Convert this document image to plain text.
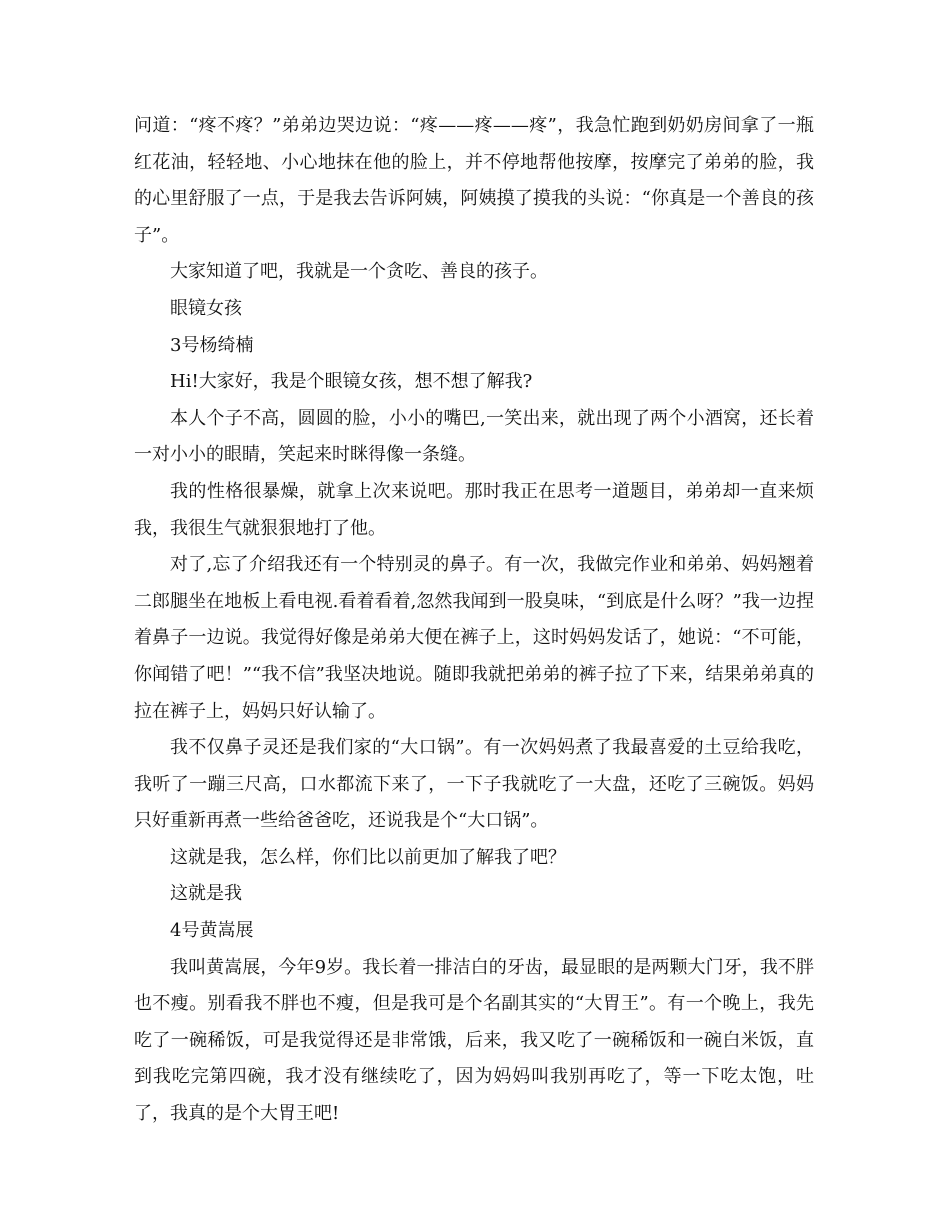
问道：“疼不疼？”弟弟边哭边说：“疼——疼——疼”，我急忙跑到奶奶房间拿了一瓶红花油，轻轻地、小心地抹在他的脸上，并不停地帮他按摩，按摩完了弟弟的脸，我的心里舒服了一点，于是我去告诉阿姨，阿姨摸了摸我的头说：“你真是一个善良的孩子”。

大家知道了吧，我就是一个贪吃、善良的孩子。

眼镜女孩

3号杨绮楠

Hi!大家好，我是个眼镜女孩，想不想了解我?

本人个子不高，圆圆的脸，小小的嘴巴,一笑出来，就出现了两个小酒窝，还长着一对小小的眼睛，笑起来时眯得像一条缝。

我的性格很暴燥，就拿上次来说吧。那时我正在思考一道题目，弟弟却一直来烦我，我很生气就狠狠地打了他。

对了,忘了介绍我还有一个特别灵的鼻子。有一次，我做完作业和弟弟、妈妈翘着二郎腿坐在地板上看电视.看着看着,忽然我闻到一股臭味，“到底是什么呀？”我一边捏着鼻子一边说。我觉得好像是弟弟大便在裤子上，这时妈妈发话了，她说：“不可能，你闻错了吧！”“我不信”我坚决地说。随即我就把弟弟的裤子拉了下来，结果弟弟真的拉在裤子上，妈妈只好认输了。

我不仅鼻子灵还是我们家的“大口锅”。有一次妈妈煮了我最喜爱的土豆给我吃，我听了一蹦三尺高，口水都流下来了，一下子我就吃了一大盘，还吃了三碗饭。妈妈只好重新再煮一些给爸爸吃，还说我是个“大口锅”。

这就是我，怎么样，你们比以前更加了解我了吧？

这就是我

4号黄嵩展

我叫黄嵩展，今年9岁。我长着一排洁白的牙齿，最显眼的是两颗大门牙，我不胖也不瘦。别看我不胖也不瘦，但是我可是个名副其实的“大胃王”。有一个晚上，我先吃了一碗稀饭，可是我觉得还是非常饿，后来，我又吃了一碗稀饭和一碗白米饭，直到我吃完第四碗，我才没有继续吃了，因为妈妈叫我别再吃了，等一下吃太饱，吐了，我真的是个大胃王吧!
